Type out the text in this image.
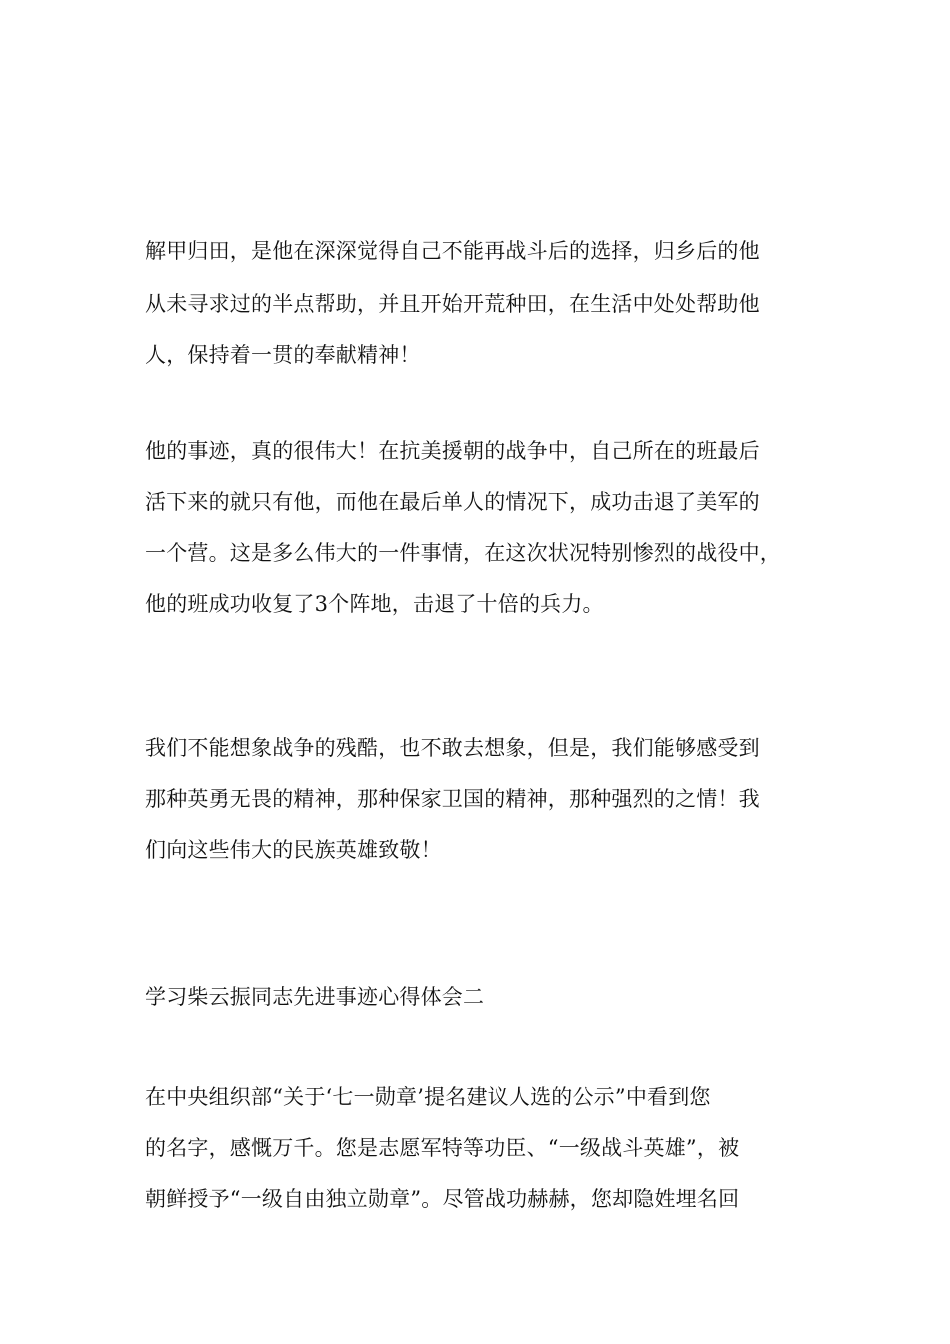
解甲归田，是他在深深觉得自己不能再战斗后的选择，归乡后的他
从未寻求过的半点帮助，并且开始开荒种田，在生活中处处帮助他
人，保持着一贯的奉献精神！
他的事迹，真的很伟大！在抗美援朝的战争中，自己所在的班最后
活下来的就只有他，而他在最后单人的情况下，成功击退了美军的
一个营。这是多么伟大的一件事情，在这次状况特别惨烈的战役中，
他的班成功收复了3个阵地，击退了十倍的兵力。
我们不能想象战争的残酷，也不敢去想象，但是，我们能够感受到
那种英勇无畏的精神，那种保家卫国的精神，那种强烈的之情！我
们向这些伟大的民族英雄致敬！
学习柴云振同志先进事迹心得体会二
在中央组织部“关于‘七一勋章’提名建议人选的公示”中看到您
的名字，感慨万千。您是志愿军特等功臣、“一级战斗英雄”，被
朝鲜授予“一级自由独立勋章”。尽管战功赫赫，您却隐姓埋名回
